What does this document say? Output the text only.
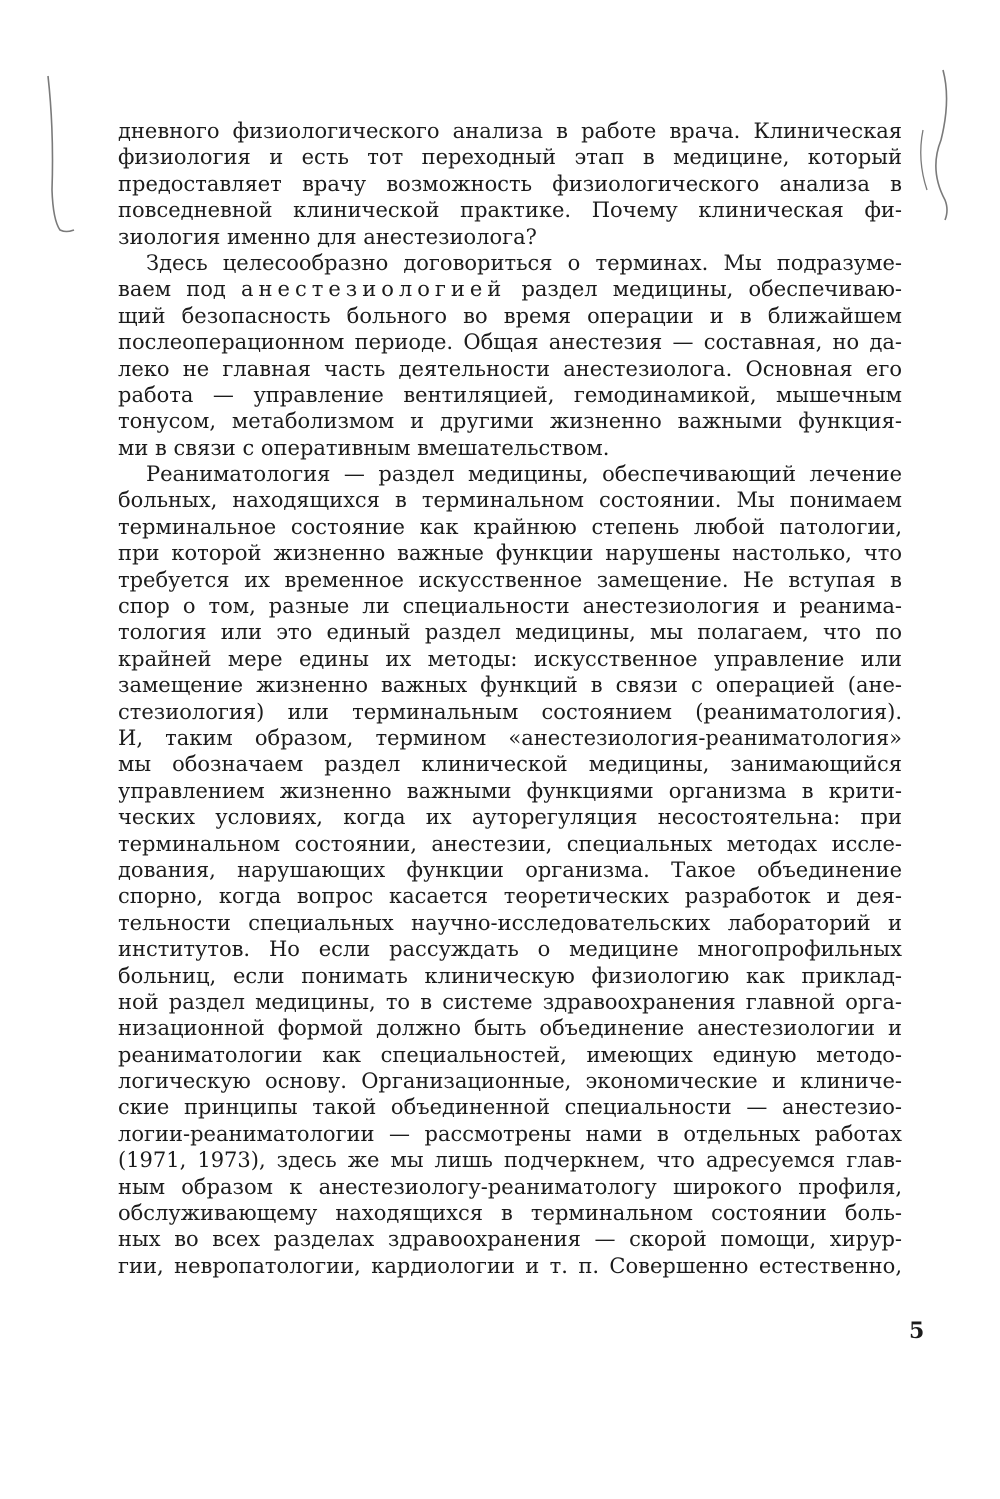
дневного физиологического анализа в работе врача. Клиническая
физиология и есть тот переходный этап в медицине, который
предоставляет врачу возможность физиологического анализа в
повседневной клинической практике. Почему клиническая фи-
зиология именно для анестезиолога?
Здесь целесообразно договориться о терминах. Мы подразуме-
ваем под анестезиологией раздел медицины, обеспечиваю-
щий безопасность больного во время операции и в ближайшем
послеоперационном периоде. Общая анестезия — составная, но да-
леко не главная часть деятельности анестезиолога. Основная его
работа — управление вентиляцией, гемодинамикой, мышечным
тонусом, метаболизмом и другими жизненно важными функция-
ми в связи с оперативным вмешательством.
Реаниматология — раздел медицины, обеспечивающий лечение
больных, находящихся в терминальном состоянии. Мы понимаем
терминальное состояние как крайнюю степень любой патологии,
при которой жизненно важные функции нарушены настолько, что
требуется их временное искусственное замещение. Не вступая в
спор о том, разные ли специальности анестезиология и реанима-
тология или это единый раздел медицины, мы полагаем, что по
крайней мере едины их методы: искусственное управление или
замещение жизненно важных функций в связи с операцией (ане-
стезиология) или терминальным состоянием (реаниматология).
И, таким образом, термином «анестезиология-реаниматология»
мы обозначаем раздел клинической медицины, занимающийся
управлением жизненно важными функциями организма в крити-
ческих условиях, когда их ауторегуляция несостоятельна: при
терминальном состоянии, анестезии, специальных методах иссле-
дования, нарушающих функции организма. Такое объединение
спорно, когда вопрос касается теоретических разработок и дея-
тельности специальных научно-исследовательских лабораторий и
институтов. Но если рассуждать о медицине многопрофильных
больниц, если понимать клиническую физиологию как приклад-
ной раздел медицины, то в системе здравоохранения главной орга-
низационной формой должно быть объединение анестезиологии и
реаниматологии как специальностей, имеющих единую методо-
логическую основу. Организационные, экономические и клиниче-
ские принципы такой объединенной специальности — анестезио-
логии-реаниматологии — рассмотрены нами в отдельных работах
(1971, 1973), здесь же мы лишь подчеркнем, что адресуемся глав-
ным образом к анестезиологу-реаниматологу широкого профиля,
обслуживающему находящихся в терминальном состоянии боль-
ных во всех разделах здравоохранения — скорой помощи, хирур-
гии, невропатологии, кардиологии и т. п. Совершенно естественно,
5
